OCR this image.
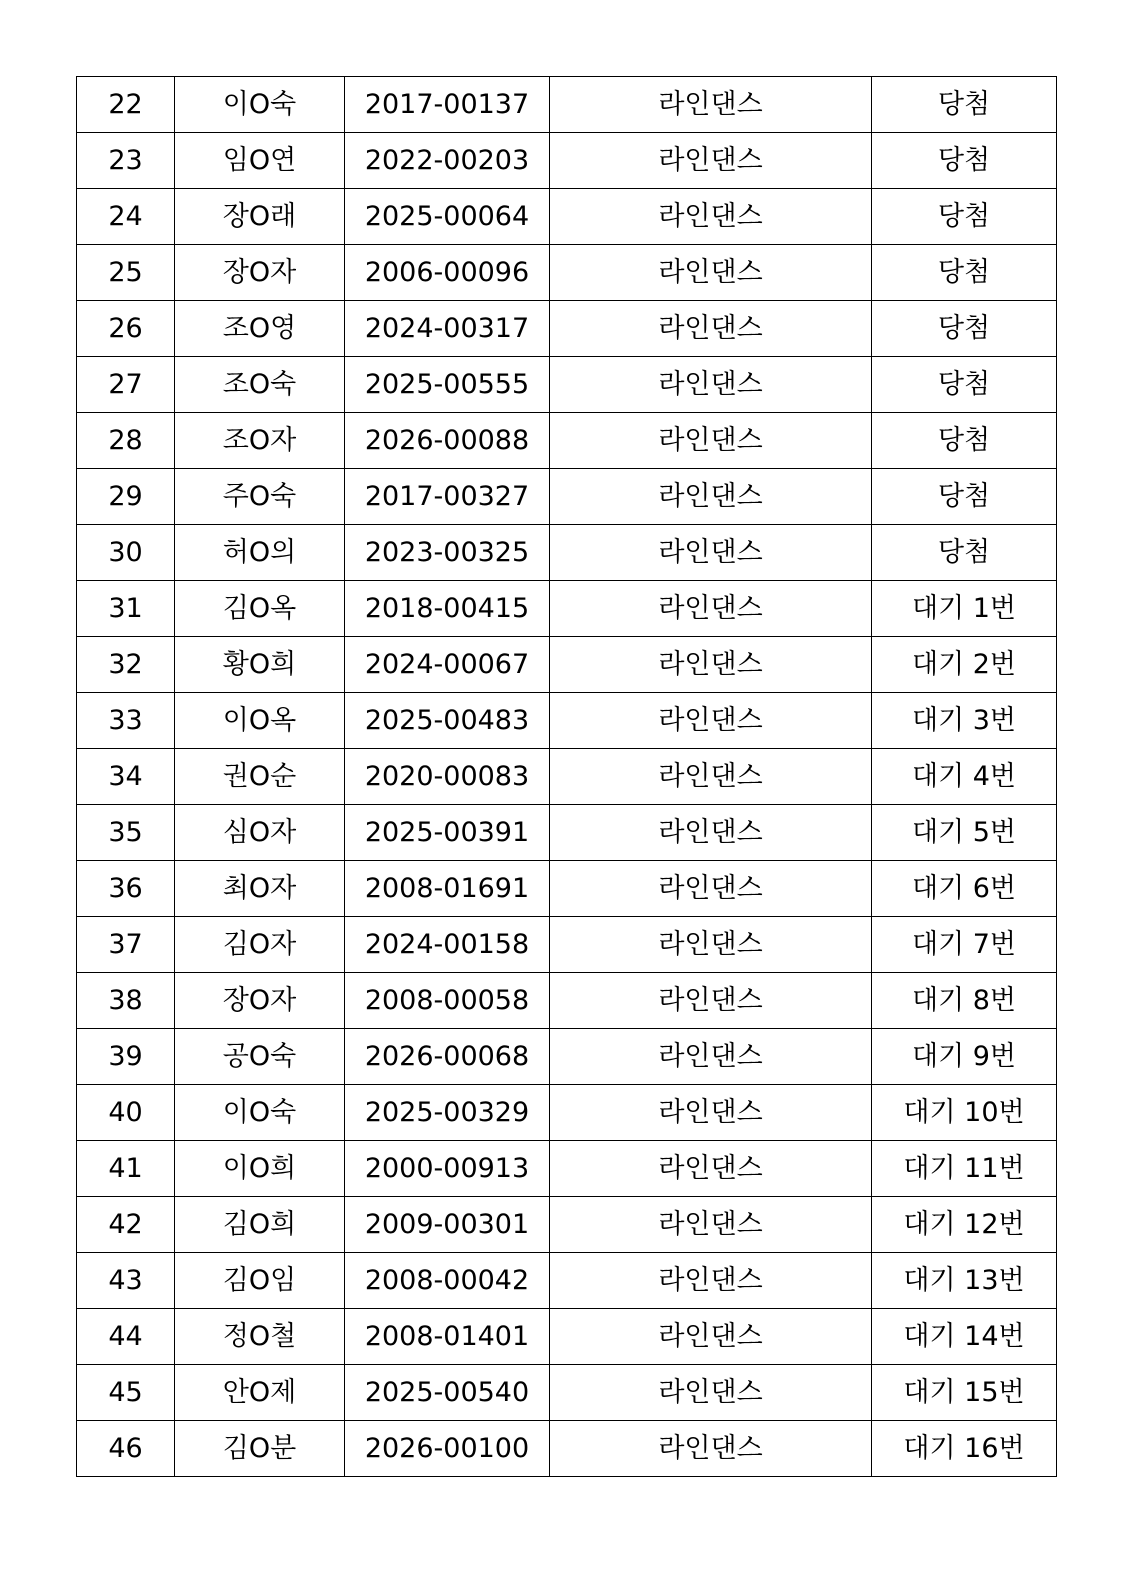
22	이O숙	2017-00137	라인댄스	당첨
23	임O연	2022-00203	라인댄스	당첨
24	장O래	2025-00064	라인댄스	당첨
25	장O자	2006-00096	라인댄스	당첨
26	조O영	2024-00317	라인댄스	당첨
27	조O숙	2025-00555	라인댄스	당첨
28	조O자	2026-00088	라인댄스	당첨
29	주O숙	2017-00327	라인댄스	당첨
30	허O의	2023-00325	라인댄스	당첨
31	김O옥	2018-00415	라인댄스	대기 1번
32	황O희	2024-00067	라인댄스	대기 2번
33	이O옥	2025-00483	라인댄스	대기 3번
34	권O순	2020-00083	라인댄스	대기 4번
35	심O자	2025-00391	라인댄스	대기 5번
36	최O자	2008-01691	라인댄스	대기 6번
37	김O자	2024-00158	라인댄스	대기 7번
38	장O자	2008-00058	라인댄스	대기 8번
39	공O숙	2026-00068	라인댄스	대기 9번
40	이O숙	2025-00329	라인댄스	대기 10번
41	이O희	2000-00913	라인댄스	대기 11번
42	김O희	2009-00301	라인댄스	대기 12번
43	김O임	2008-00042	라인댄스	대기 13번
44	정O철	2008-01401	라인댄스	대기 14번
45	안O제	2025-00540	라인댄스	대기 15번
46	김O분	2026-00100	라인댄스	대기 16번
